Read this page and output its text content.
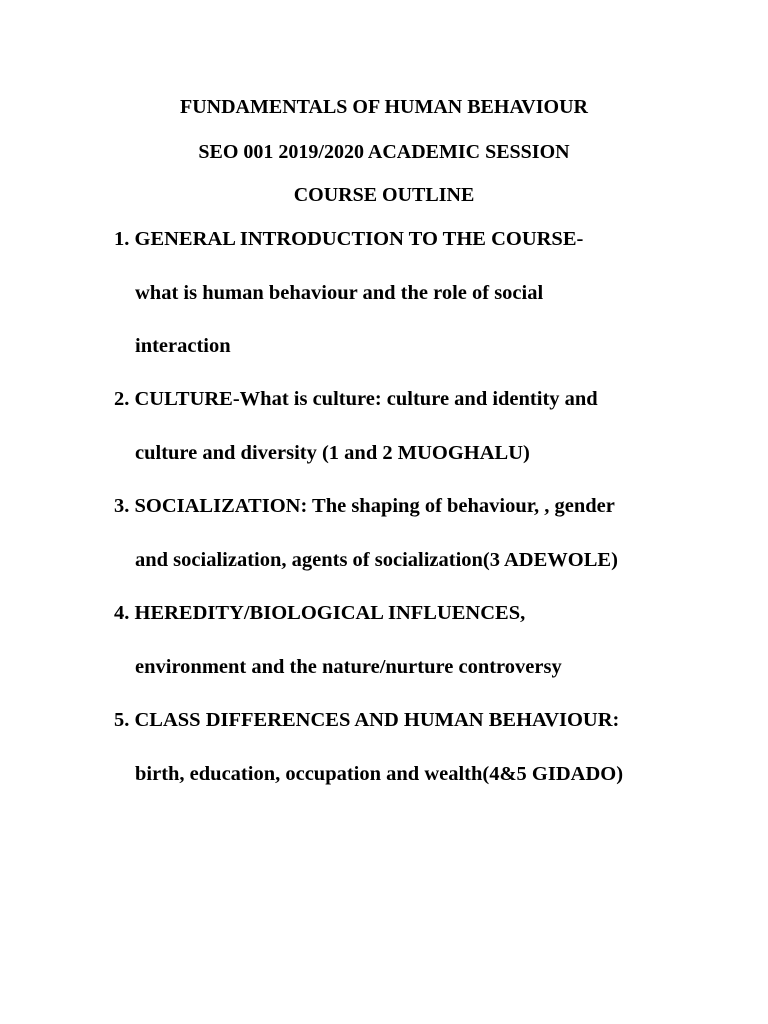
FUNDAMENTALS OF HUMAN BEHAVIOUR
SEO 001 2019/2020 ACADEMIC SESSION
COURSE OUTLINE

1. GENERAL INTRODUCTION TO THE COURSE-

what is human behaviour and the role of social

interaction

2. CULTURE-What is culture: culture and identity and

culture and diversity (1 and 2 MUOGHALU)

3. SOCIALIZATION: The shaping of behaviour, , gender

and socialization, agents of socialization(3 ADEWOLE)

4. HEREDITY/BIOLOGICAL INFLUENCES,

environment and the nature/nurture controversy

5. CLASS DIFFERENCES AND HUMAN BEHAVIOUR:

birth, education, occupation and wealth(4&5 GIDADO)
